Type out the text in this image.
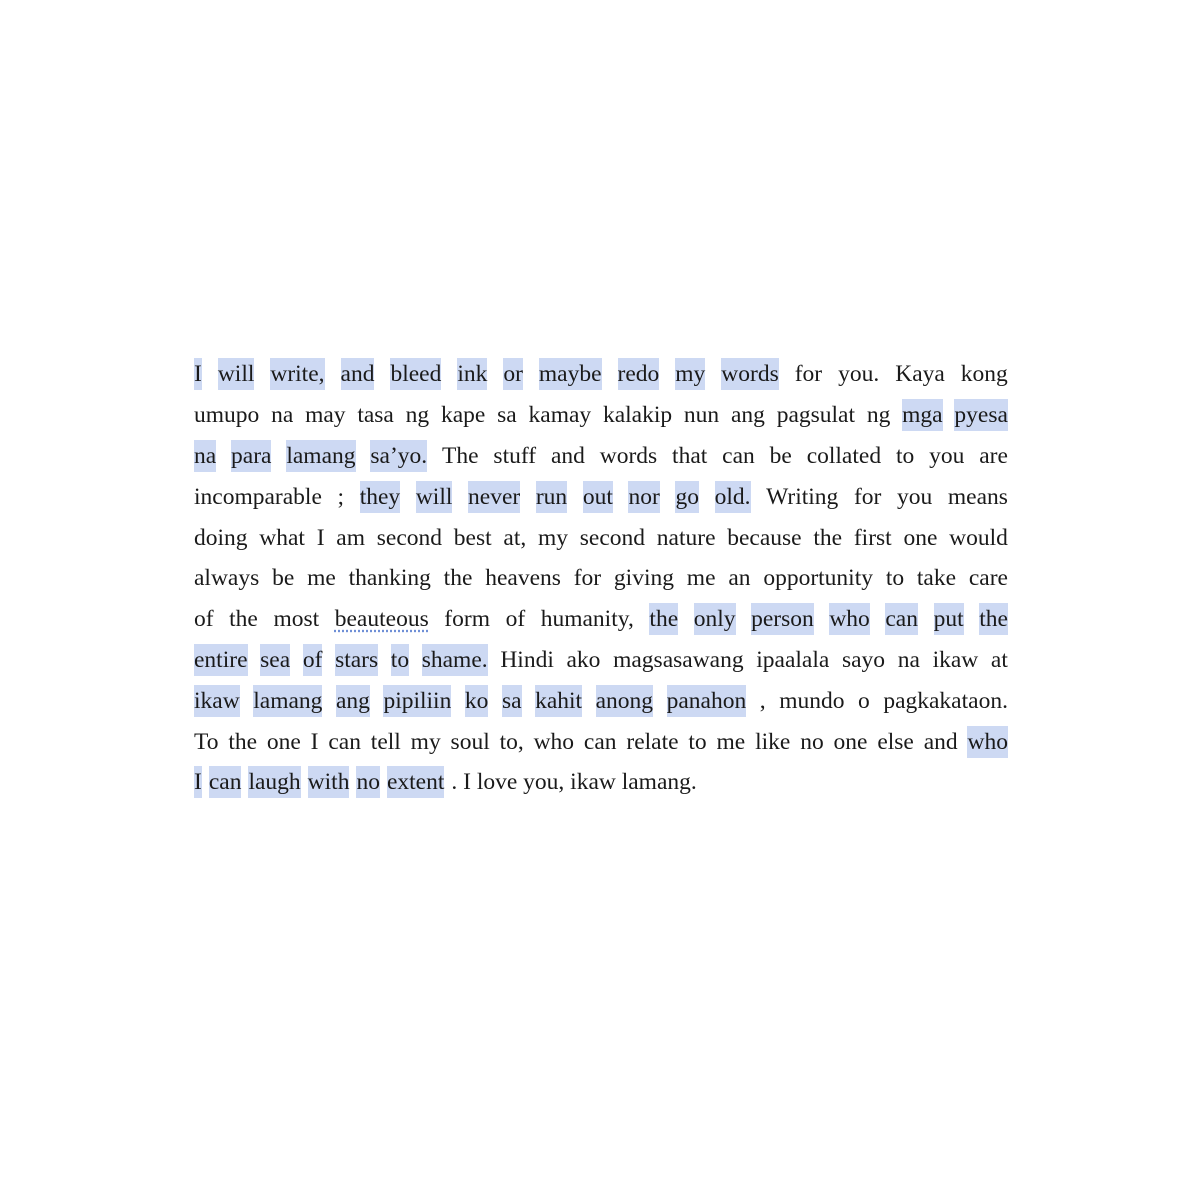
I will write, and bleed ink or maybe redo my words for you. Kaya kong
umupo na may tasa ng kape sa kamay kalakip nun ang pagsulat ng mga pyesa
na para lamang sa’yo. The stuff and words that can be collated to you are
incomparable ; they will never run out nor go old. Writing for you means
doing what I am second best at, my second nature because the first one would
always be me thanking the heavens for giving me an opportunity to take care
of the most beauteous form of humanity, the only person who can put the
entire sea of stars to shame. Hindi ako magsasawang ipaalala sayo na ikaw at
ikaw lamang ang pipiliin ko sa kahit anong panahon , mundo o pagkakataon.
To the one I can tell my soul to, who can relate to me like no one else and who
I can laugh with no extent . I love you, ikaw lamang.
